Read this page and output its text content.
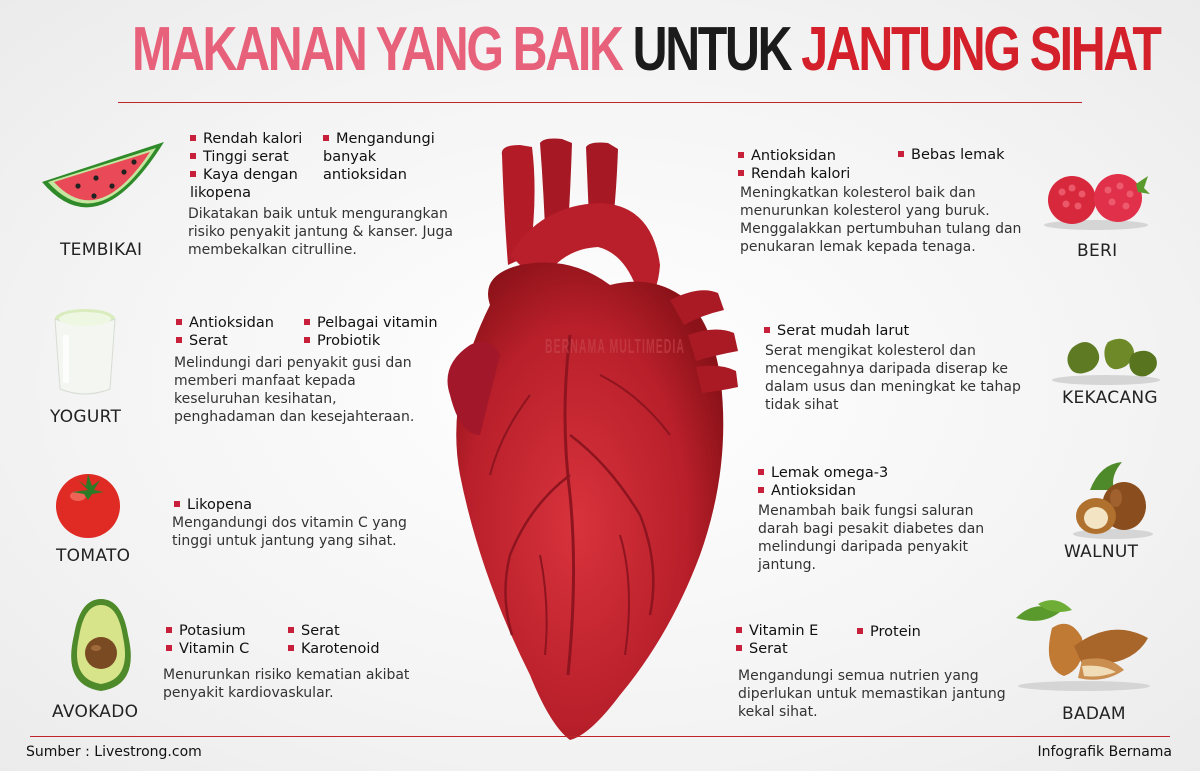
MAKANAN YANG BAIK UNTUK JANTUNG SIHAT
BERNAMA MULTIMEDIA
TEMBIKAI
Rendah kalori
Tinggi serat
Kaya dengan likopena
Mengandungi banyak antioksidan
Dikatakan baik untuk mengurangkan risiko penyakit jantung & kanser. Juga membekalkan citrulline.
YOGURT
Antioksidan
Serat
Pelbagai vitamin
Probiotik
Melindungi dari penyakit gusi dan memberi manfaat kepada keseluruhan kesihatan, penghadaman dan kesejahteraan.
TOMATO
Likopena
Mengandungi dos vitamin C yang tinggi untuk jantung yang sihat.
AVOKADO
Potasium
Vitamin C
Serat
Karotenoid
Menurunkan risiko kematian akibat penyakit kardiovaskular.
Antioksidan
Rendah kalori
Bebas lemak
Meningkatkan kolesterol baik dan menurunkan kolesterol yang buruk. Menggalakkan pertumbuhan tulang dan penukaran lemak kepada tenaga.	BERI
Serat mudah larut
Serat mengikat kolesterol dan mencegahnya daripada diserap ke dalam usus dan meningkat ke tahap tidak sihat	KEKACANG
Lemak omega-3
Antioksidan
Menambah baik fungsi saluran darah bagi pesakit diabetes dan melindungi daripada penyakit jantung.
WALNUT
Vitamin E
Serat
Protein
Mengandungi semua nutrien yang diperlukan untuk memastikan jantung kekal sihat.	BADAM
Sumber : Livestrong.com	Infografik Bernama
